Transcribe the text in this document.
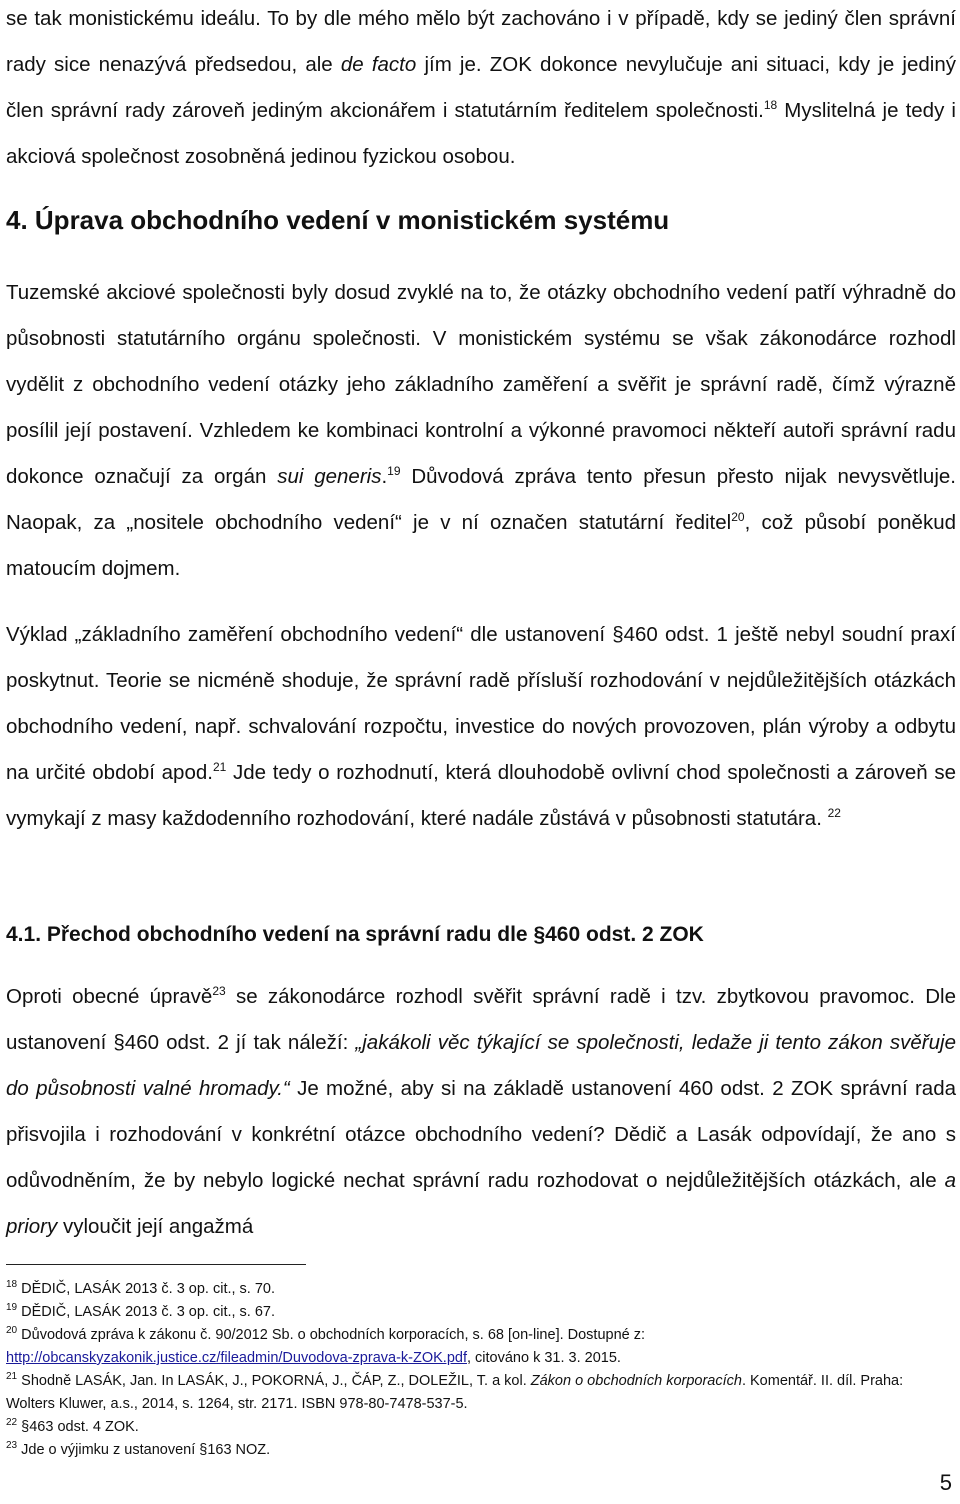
se tak monistickému ideálu. To by dle mého mělo být zachováno i v případě, kdy se jediný člen správní rady sice nenazývá předsedou, ale de facto jím je. ZOK dokonce nevylučuje ani situaci, kdy je jediný člen správní rady zároveň jediným akcionářem i statutárním ředitelem společnosti.$^{18}$ Myslitelná je tedy i akciová společnost zosobněná jedinou fyzickou osobou.

4. Úprava obchodního vedení v monistickém systému

Tuzemské akciové společnosti byly dosud zvyklé na to, že otázky obchodního vedení patří výhradně do působnosti statutárního orgánu společnosti. V monistickém systému se však zákonodárce rozhodl vydělit z obchodního vedení otázky jeho základního zaměření a svěřit je správní radě, čímž výrazně posílil její postavení. Vzhledem ke kombinaci kontrolní a výkonné pravomoci někteří autoři správní radu dokonce označují za orgán sui generis.$^{19}$ Důvodová zpráva tento přesun přesto nijak nevysvětluje. Naopak, za „nositele obchodního vedení“ je v ní označen statutární ředitel$^{20}$, což působí poněkud matoucím dojmem.

Výklad „základního zaměření obchodního vedení“ dle ustanovení §460 odst. 1 ještě nebyl soudní praxí poskytnut. Teorie se nicméně shoduje, že správní radě přísluší rozhodování v nejdůležitějších otázkách obchodního vedení, např. schvalování rozpočtu, investice do nových provozoven, plán výroby a odbytu na určité období apod.$^{21}$ Jde tedy o rozhodnutí, která dlouhodobě ovlivní chod společnosti a zároveň se vymykají z masy každodenního rozhodování, které nadále zůstává v působnosti statutára. $^{22}$

4.1. Přechod obchodního vedení na správní radu dle §460 odst. 2 ZOK

Oproti obecné úpravě$^{23}$ se zákonodárce rozhodl svěřit správní radě i tzv. zbytkovou pravomoc. Dle ustanovení §460 odst. 2 jí tak náleží: „jakákoli věc týkající se společnosti, ledaže ji tento zákon svěřuje do působnosti valné hromady.“ Je možné, aby si na základě ustanovení 460 odst. 2 ZOK správní rada přisvojila i rozhodování v konkrétní otázce obchodního vedení? Dědič a Lasák odpovídají, že ano s odůvodněním, že by nebylo logické nechat správní radu rozhodovat o nejdůležitějších otázkách, ale a priory vyloučit její angažmá

$^{18}$ DĚDIČ, LASÁK 2013 č. 3 op. cit., s. 70.
$^{19}$ DĚDIČ, LASÁK 2013 č. 3 op. cit., s. 67.
$^{20}$ Důvodová zpráva k zákonu č. 90/2012 Sb. o obchodních korporacích, s. 68 [on-line]. Dostupné z:
http://obcanskyzakonik.justice.cz/fileadmin/Duvodova-zprava-k-ZOK.pdf, citováno k 31. 3. 2015.
$^{21}$ Shodně LASÁK, Jan. In LASÁK, J., POKORNÁ, J., ČÁP, Z., DOLEŽIL, T. a kol. Zákon o obchodních korporacích. Komentář. II. díl. Praha: Wolters Kluwer, a.s., 2014, s. 1264, str. 2171. ISBN 978-80-7478-537-5.
$^{22}$ §463 odst. 4 ZOK.
$^{23}$ Jde o výjimku z ustanovení §163 NOZ.
5
